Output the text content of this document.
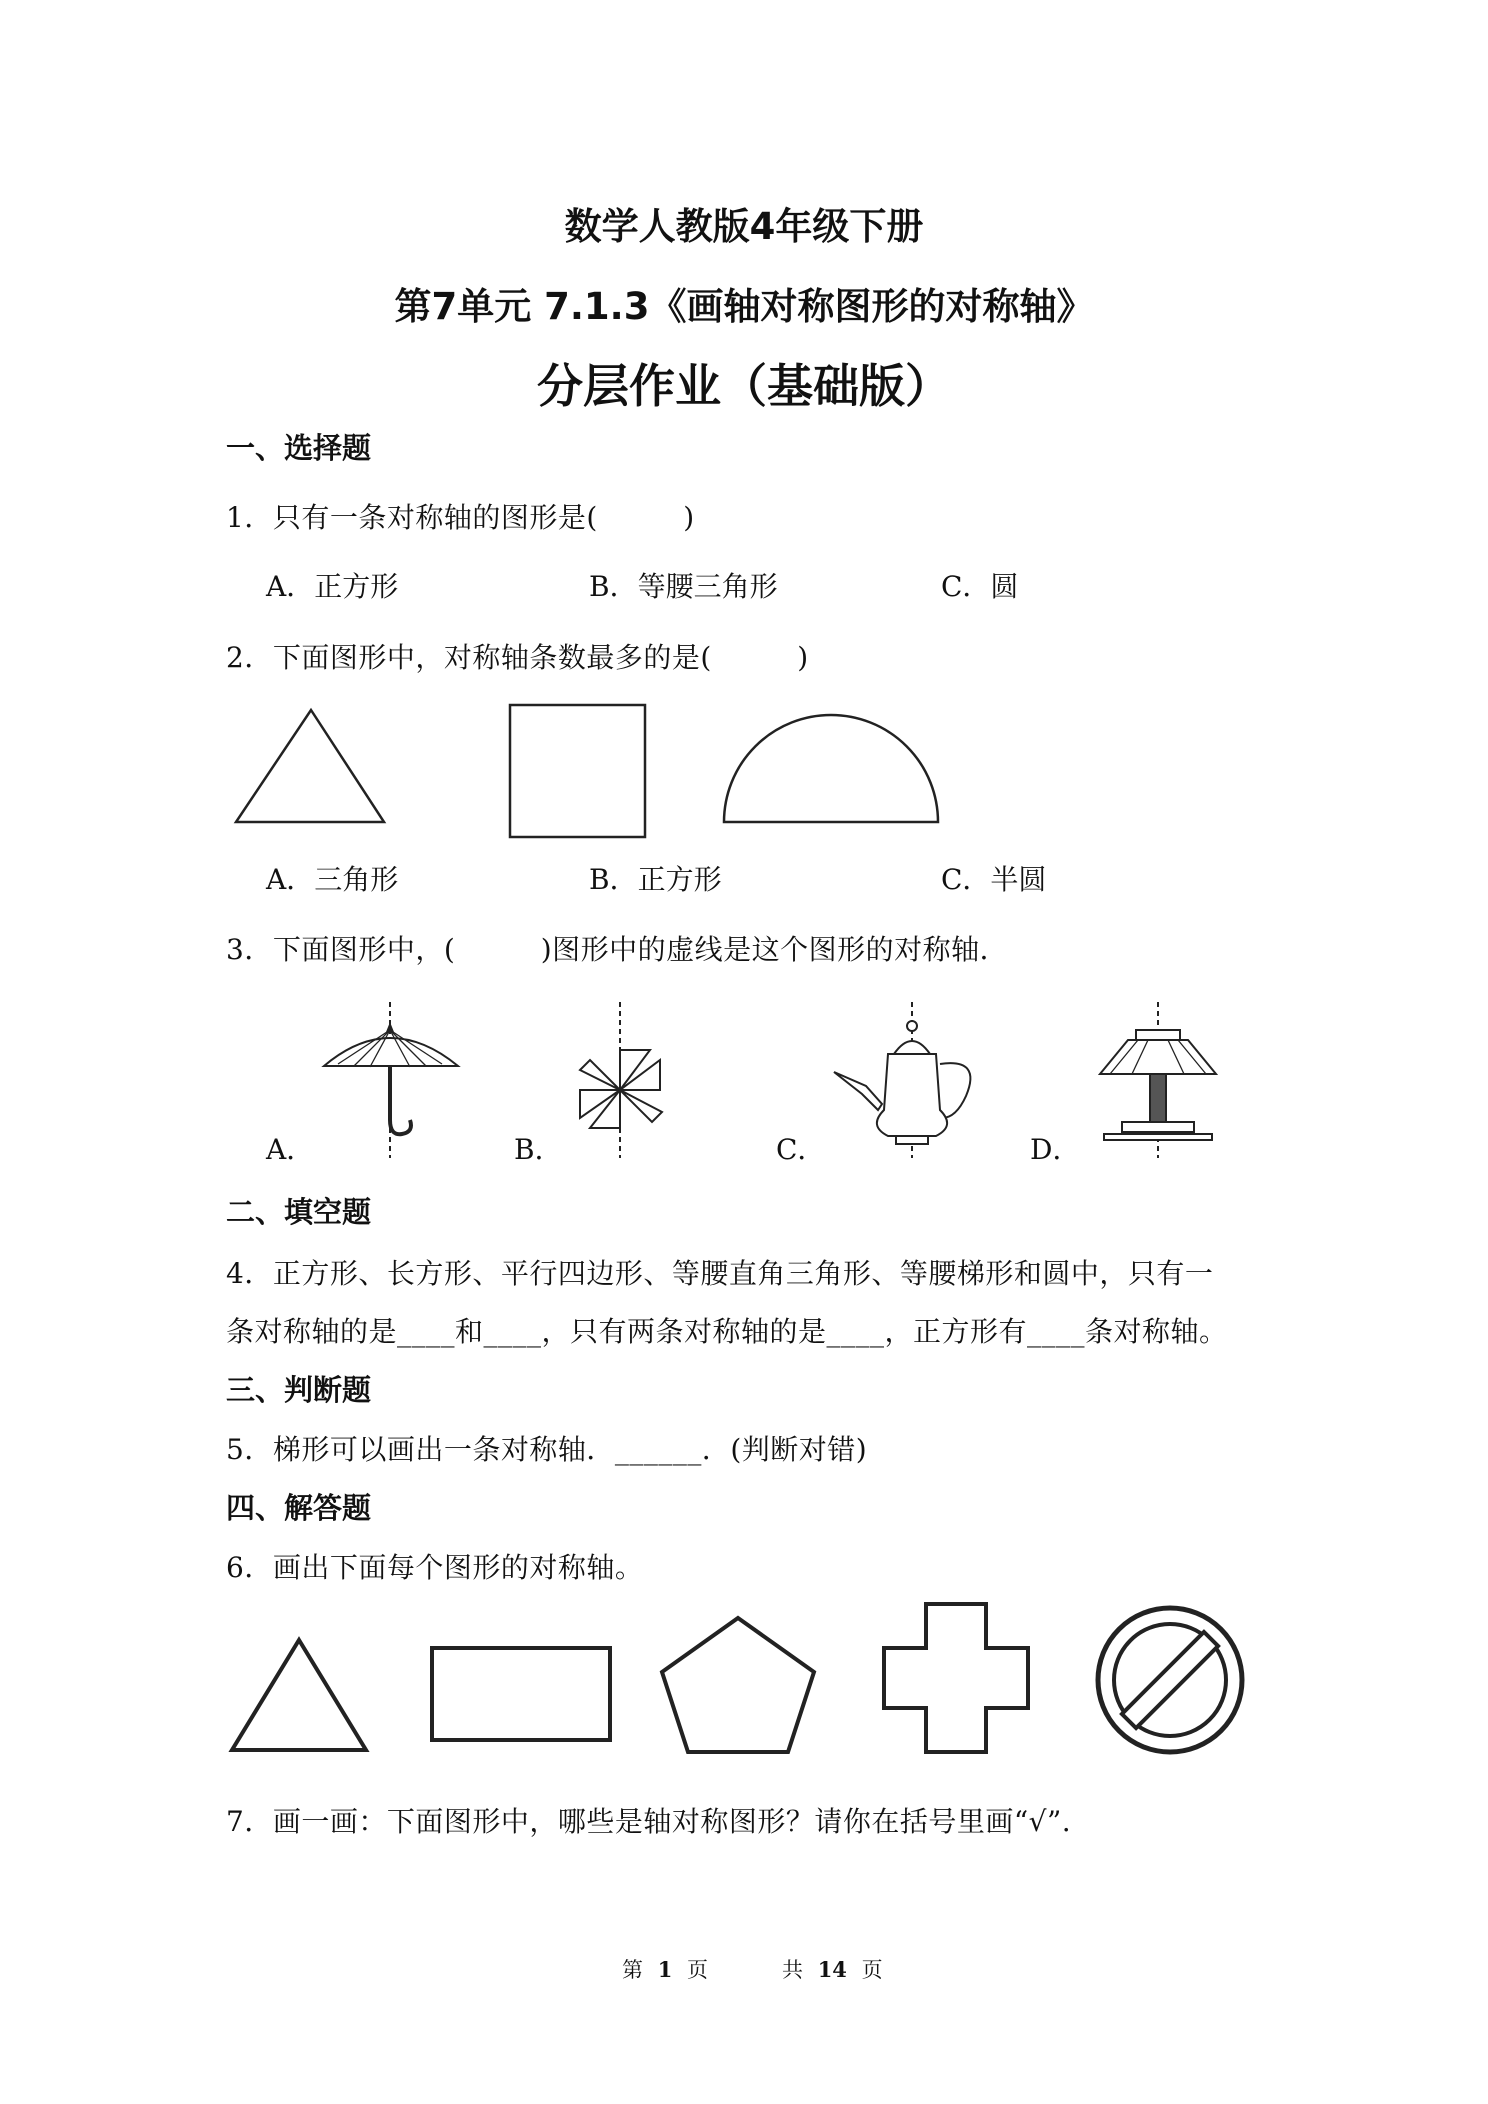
数学人教版4年级下册
第7单元 7.1.3《画轴对称图形的对称轴》
分层作业（基础版）
一、选择题
1．只有一条对称轴的图形是(　　　)
A．正方形	B．等腰三角形	C．圆
2．下面图形中，对称轴条数最多的是(　　　)
A．三角形	B．正方形	C．半圆
3．下面图形中，(　　　)图形中的虚线是这个图形的对称轴．
A．	B．	C．	D．
二、填空题
4．正方形、长方形、平行四边形、等腰直角三角形、等腰梯形和圆中，只有一
条对称轴的是____和____，只有两条对称轴的是____，正方形有____条对称轴。
三、判断题
5．梯形可以画出一条对称轴．______．(判断对错)
四、解答题
6．画出下面每个图形的对称轴。
7．画一画：下面图形中，哪些是轴对称图形？请你在括号里画“√”.
第 1 页	共 14 页
